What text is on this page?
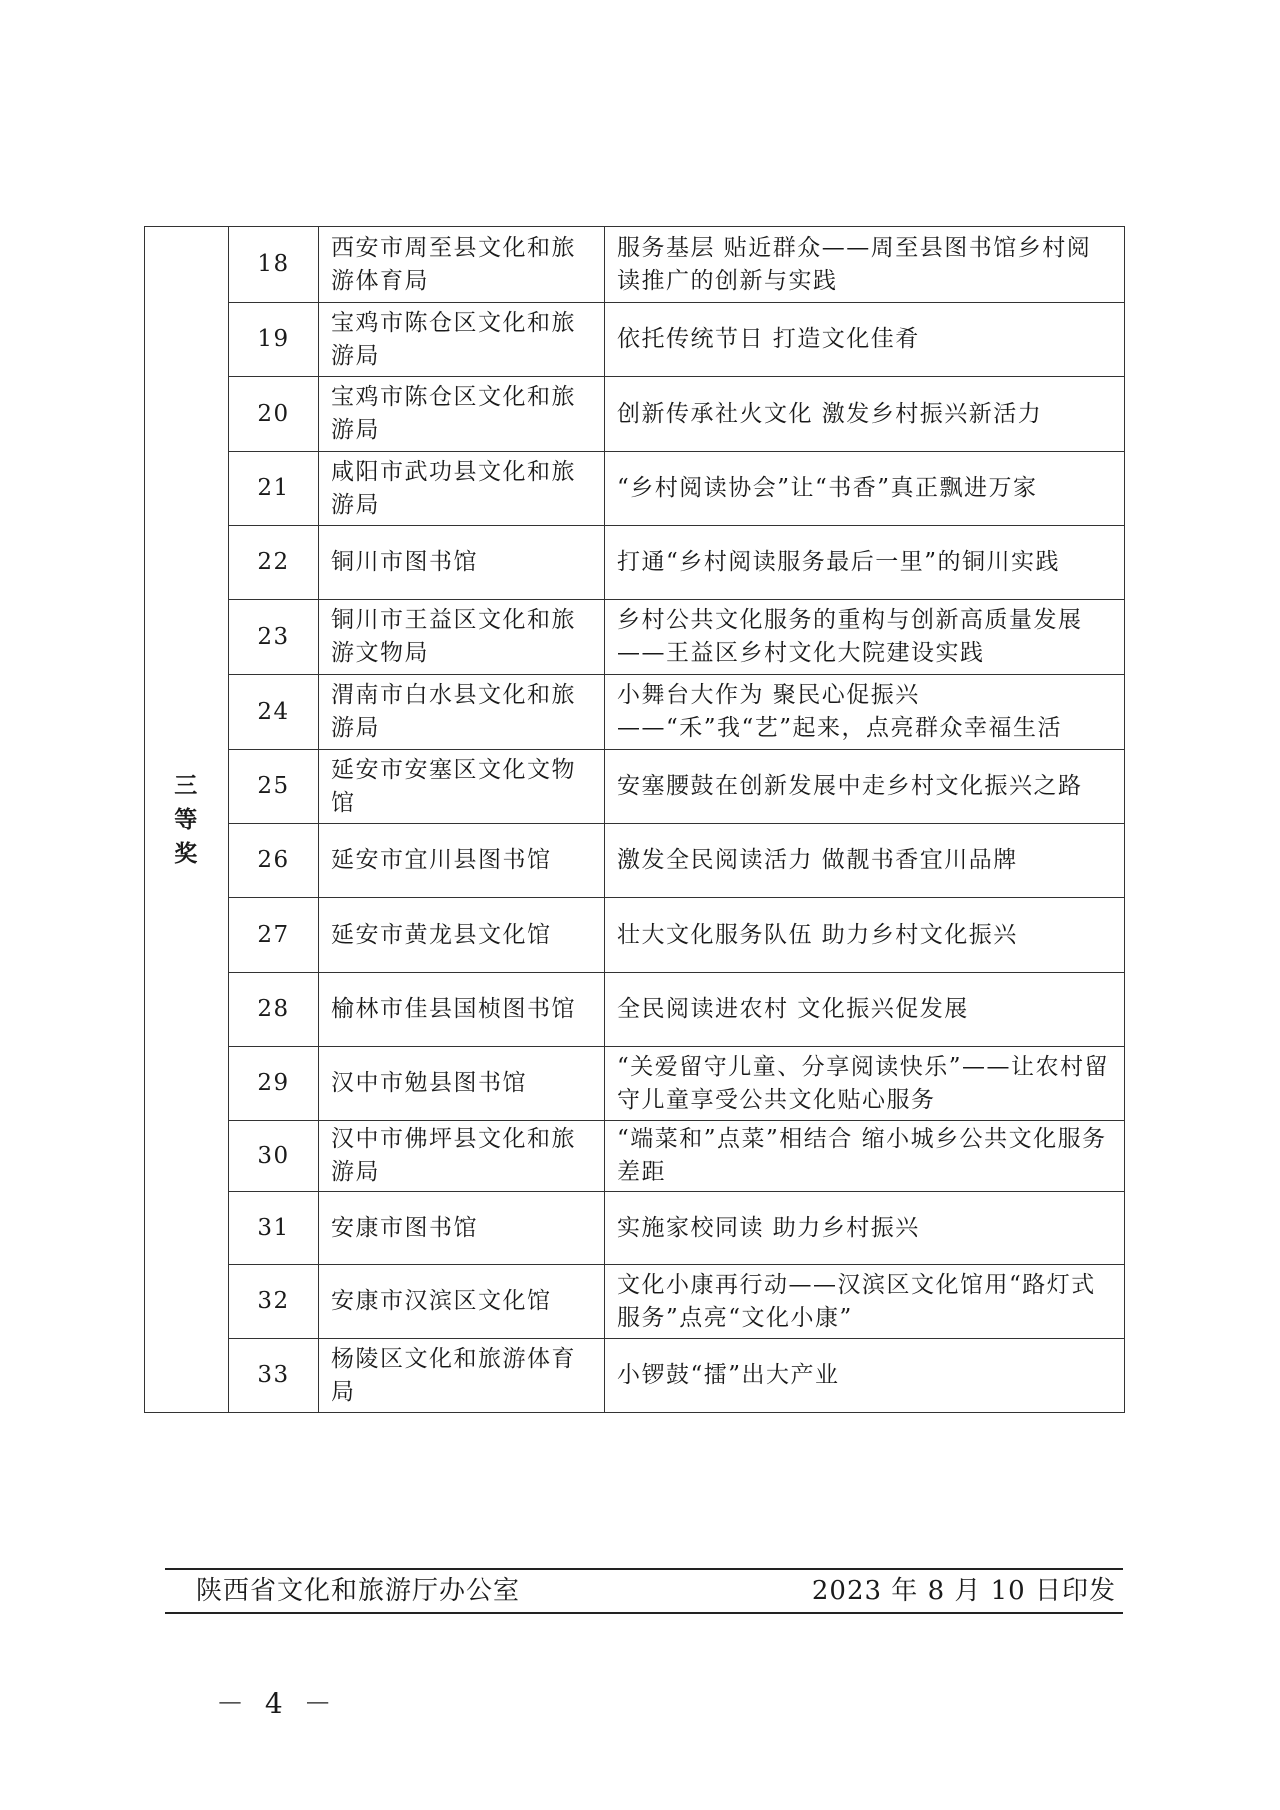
三等奖	18	西安市周至县文化和旅游体育局	服务基层 贴近群众——周至县图书馆乡村阅读推广的创新与实践
	19	宝鸡市陈仓区文化和旅游局	依托传统节日 打造文化佳肴
	20	宝鸡市陈仓区文化和旅游局	创新传承社火文化 激发乡村振兴新活力
	21	咸阳市武功县文化和旅游局	“乡村阅读协会”让“书香”真正飘进万家
	22	铜川市图书馆	打通“乡村阅读服务最后一里”的铜川实践
	23	铜川市王益区文化和旅游文物局	乡村公共文化服务的重构与创新高质量发展——王益区乡村文化大院建设实践
	24	渭南市白水县文化和旅游局	小舞台大作为 聚民心促振兴——“禾”我“艺”起来，点亮群众幸福生活
	25	延安市安塞区文化文物馆	安塞腰鼓在创新发展中走乡村文化振兴之路
	26	延安市宜川县图书馆	激发全民阅读活力 做靓书香宜川品牌
	27	延安市黄龙县文化馆	壮大文化服务队伍 助力乡村文化振兴
	28	榆林市佳县国桢图书馆	全民阅读进农村 文化振兴促发展
	29	汉中市勉县图书馆	“关爱留守儿童、分享阅读快乐”——让农村留守儿童享受公共文化贴心服务
	30	汉中市佛坪县文化和旅游局	“端菜和”点菜”相结合 缩小城乡公共文化服务差距
	31	安康市图书馆	实施家校同读 助力乡村振兴
	32	安康市汉滨区文化馆	文化小康再行动——汉滨区文化馆用“路灯式服务”点亮“文化小康”
	33	杨陵区文化和旅游体育局	小锣鼓“擂”出大产业
陕西省文化和旅游厅办公室	2023 年 8 月 10 日印发
－ 4 －
